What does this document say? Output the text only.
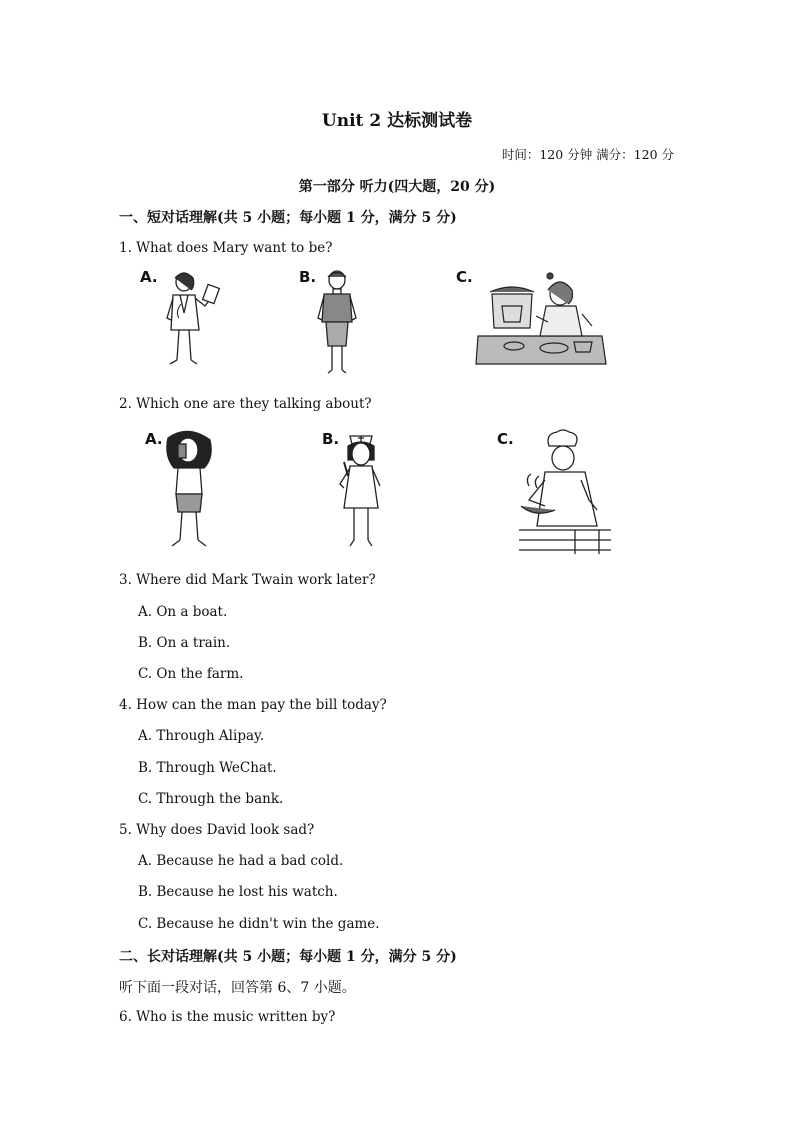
Unit 2 达标测试卷
时间：120 分钟 满分：120 分
第一部分 听力(四大题，20 分)
一、短对话理解(共 5 小题；每小题 1 分，满分 5 分)
1. What does Mary want to be?
A.	B.	C.
2. Which one are they talking about?
A.	B.	C.
3. Where did Mark Twain work later?
A. On a boat.
B. On a train.
C. On the farm.
4. How can the man pay the bill today?
A. Through Alipay.
B. Through WeChat.
C. Through the bank.
5. Why does David look sad?
A. Because he had a bad cold.
B. Because he lost his watch.
C. Because he didn't win the game.
二、长对话理解(共 5 小题；每小题 1 分，满分 5 分)
听下面一段对话，回答第 6、7 小题。
6. Who is the music written by?
